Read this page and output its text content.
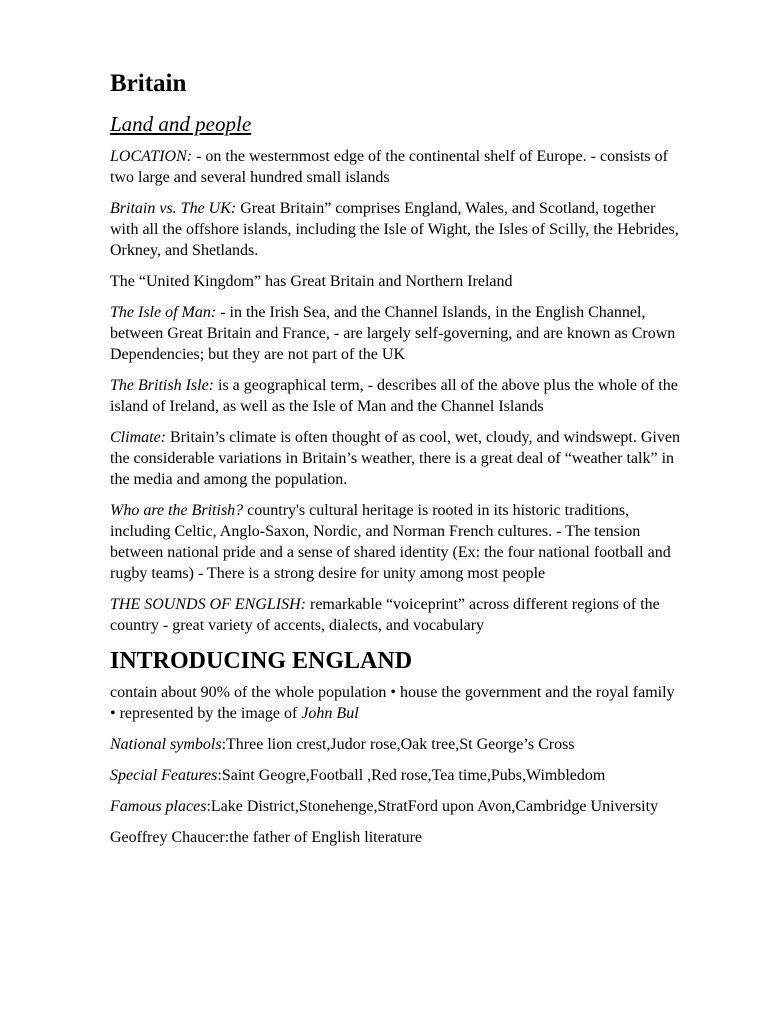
Britain
Land and people

LOCATION: - on the westernmost edge of the continental shelf of Europe. - consists of two large and several hundred small islands

Britain vs. The UK: Great Britain” comprises England, Wales, and Scotland, together with all the offshore islands, including the Isle of Wight, the Isles of Scilly, the Hebrides, Orkney, and Shetlands.

The “United Kingdom” has Great Britain and Northern Ireland

The Isle of Man: - in the Irish Sea, and the Channel Islands, in the English Channel, between Great Britain and France, - are largely self-governing, and are known as Crown Dependencies; but they are not part of the UK

The British Isle: is a geographical term, - describes all of the above plus the whole of the island of Ireland, as well as the Isle of Man and the Channel Islands

Climate: Britain’s climate is often thought of as cool, wet, cloudy, and windswept. Given the considerable variations in Britain’s weather, there is a great deal of “weather talk” in the media and among the population.

Who are the British? country's cultural heritage is rooted in its historic traditions, including Celtic, Anglo-Saxon, Nordic, and Norman French cultures. - The tension between national pride and a sense of shared identity (Ex: the four national football and rugby teams) - There is a strong desire for unity among most people

THE SOUNDS OF ENGLISH: remarkable “voiceprint” across different regions of the country - great variety of accents, dialects, and vocabulary

INTRODUCING ENGLAND

contain about 90% of the whole population • house the government and the royal family • represented by the image of John Bul

National symbols:Three lion crest,Judor rose,Oak tree,St George’s Cross

Special Features:Saint Geogre,Football ,Red rose,Tea time,Pubs,Wimbledom

Famous places:Lake District,Stonehenge,StratFord upon Avon,Cambridge University

Geoffrey Chaucer:the father of English literature
